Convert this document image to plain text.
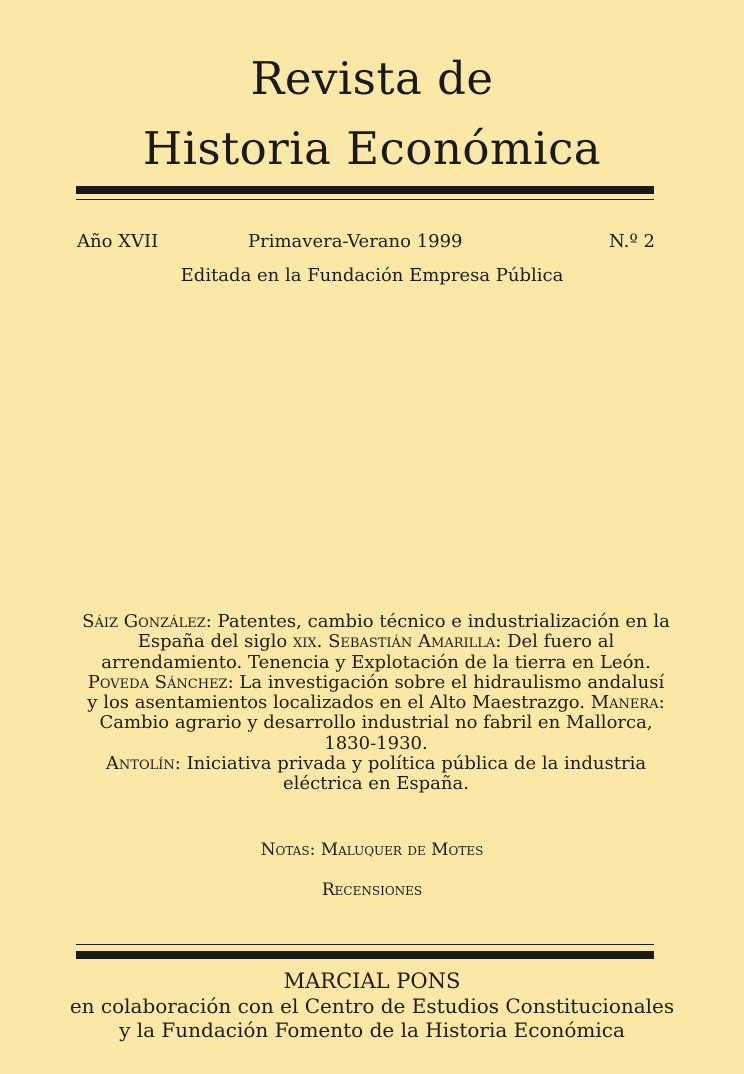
Revista de
Historia Económica
Año XVII	Primavera-Verano 1999	N.º 2
Editada en la Fundación Empresa Pública
Sáiz González: Patentes, cambio técnico e industrialización en la España del siglo xix. Sebastián Amarilla: Del fuero al arrendamiento. Tenencia y Explotación de la tierra en León. Poveda Sánchez: La investigación sobre el hidraulismo andalusí y los asentamientos localizados en el Alto Maestrazgo. Manera: Cambio agrario y desarrollo industrial no fabril en Mallorca, 1830-1930.
Antolín: Iniciativa privada y política pública de la industria eléctrica en España.
Notas: Maluquer de Motes
Recensiones
MARCIAL PONS
en colaboración con el Centro de Estudios Constitucionales
y la Fundación Fomento de la Historia Económica
